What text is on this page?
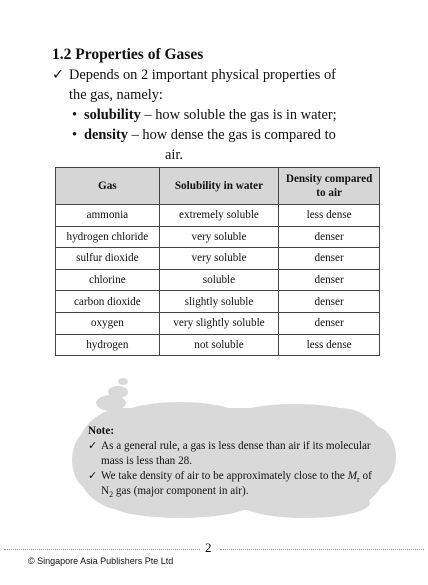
1.2 Properties of Gases
✓ Depends on 2 important physical properties of
the gas, namely:
• solubility – how soluble the gas is in water;
• density – how dense the gas is compared to
air.
Gas	Solubility in water	Density compared to air
ammonia	extremely soluble	less dense
hydrogen chloride	very soluble	denser
sulfur dioxide	very soluble	denser
chlorine	soluble	denser
carbon dioxide	slightly soluble	denser
oxygen	very slightly soluble	denser
hydrogen	not soluble	less dense
Note:
✓ As a general rule, a gas is less dense than air if its molecular mass is less than 28.
✓ We take density of air to be approximately close to the $M_r$ of $N_2$ gas (major component in air).
2
© Singapore Asia Publishers Pte Ltd
